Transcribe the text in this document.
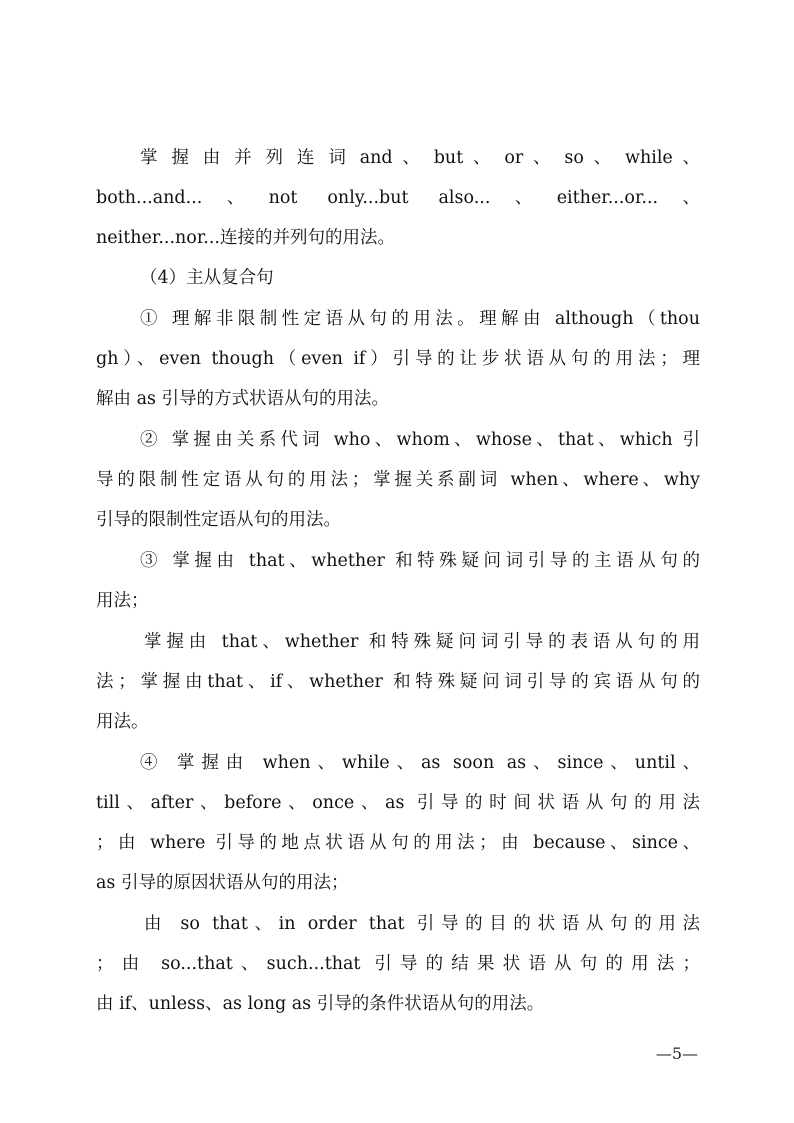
掌 握 由 并 列 连 词 and 、 but 、 or 、 so 、 while 、
both...and...、not only...but also...、either...or...、
neither...nor...连接的并列句的用法。
（4）主从复合句
① 理解非限制性定语从句的用法。理解由 although（thou
gh）、even though（even if）引导的让步状语从句的用法；理
解由 as 引导的方式状语从句的用法。
② 掌握由关系代词 who、whom、whose、that、which 引
导的限制性定语从句的用法；掌握关系副词 when、where、why
引导的限制性定语从句的用法。
③ 掌握由 that、whether 和特殊疑问词引导的主语从句的
用法；
掌握由 that、whether 和特殊疑问词引导的表语从句的用
法；掌握由that、if、whether 和特殊疑问词引导的宾语从句的
用法。
④ 掌握由 when、while、as soon as、since、until、
till、after、before、once、as 引导的时间状语从句的用法
；由 where 引导的地点状语从句的用法；由 because、since、
as 引导的原因状语从句的用法；
由 so that、in order that 引导的目的状语从句的用法
；由 so...that、such...that 引导的结果状语从句的用法；
由 if、unless、as long as 引导的条件状语从句的用法。
—5—
